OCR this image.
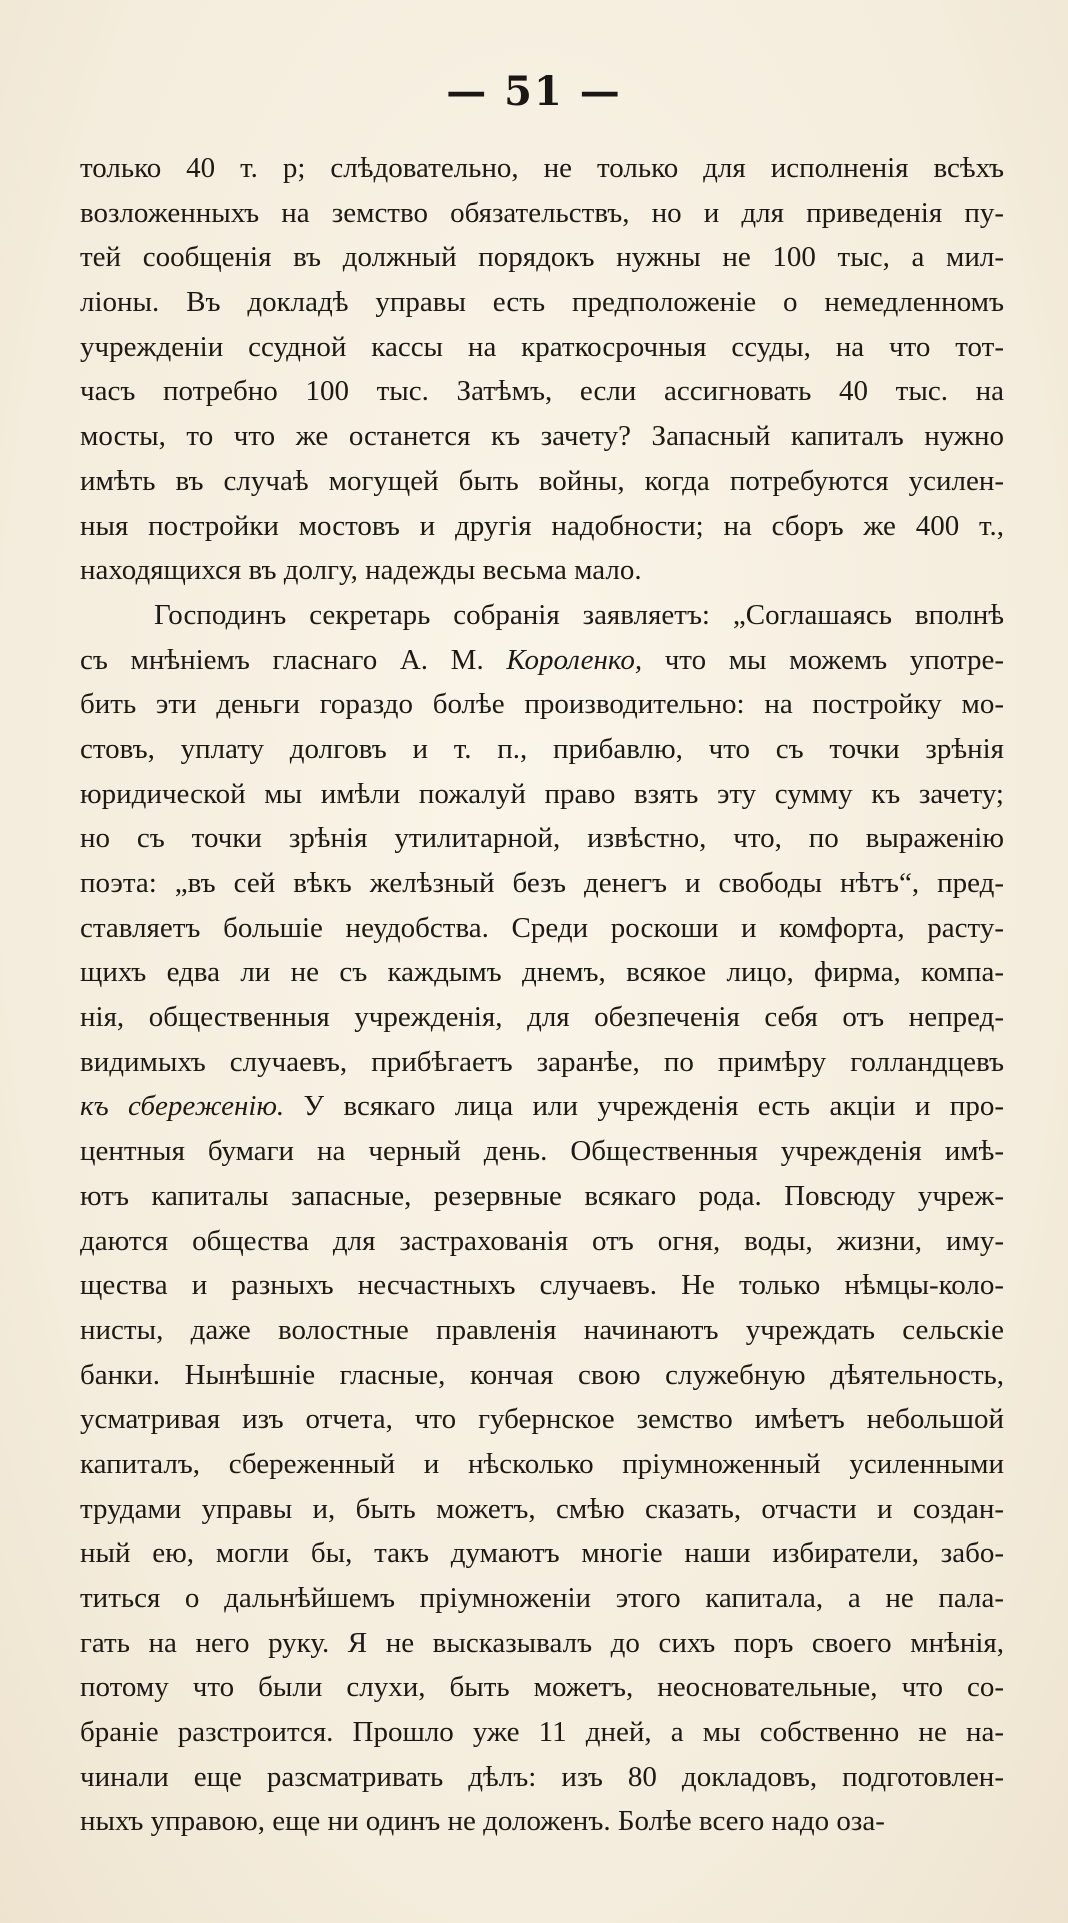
— 51 —
только 40 т. р; слѣдовательно, не только для исполненія всѣхъ
возложенныхъ на земство обязательствъ, но и для приведенія пу-
тей сообщенія въ должный порядокъ нужны не 100 тыс, а мил-
ліоны. Въ докладѣ управы есть предположеніе о немедленномъ
учрежденіи ссудной кассы на краткосрочныя ссуды, на что тот-
часъ потребно 100 тыс. Затѣмъ, если ассигновать 40 тыс. на
мосты, то что же останется къ зачету? Запасный капиталъ нужно
имѣть въ случаѣ могущей быть войны, когда потребуются усилен-
ныя постройки мостовъ и другія надобности; на сборъ же 400 т.,
находящихся въ долгу, надежды весьма мало.
Господинъ секретарь собранія заявляетъ: „Соглашаясь вполнѣ
съ мнѣніемъ гласнаго А. М. Короленко, что мы можемъ употре-
бить эти деньги гораздо болѣе производительно: на постройку мо-
стовъ, уплату долговъ и т. п., прибавлю, что съ точки зрѣнія
юридической мы имѣли пожалуй право взять эту сумму къ зачету;
но съ точки зрѣнія утилитарной, извѣстно, что, по выраженію
поэта: „въ сей вѣкъ желѣзный безъ денегъ и свободы нѣтъ“, пред-
ставляетъ большіе неудобства. Среди роскоши и комфорта, расту-
щихъ едва ли не съ каждымъ днемъ, всякое лицо, фирма, компа-
нія, общественныя учрежденія, для обезпеченія себя отъ непред-
видимыхъ случаевъ, прибѣгаетъ заранѣе, по примѣру голландцевъ
къ сбереженію. У всякаго лица или учрежденія есть акціи и про-
центныя бумаги на черный день. Общественныя учрежденія имѣ-
ютъ капиталы запасные, резервные всякаго рода. Повсюду учреж-
даются общества для застрахованія отъ огня, воды, жизни, иму-
щества и разныхъ несчастныхъ случаевъ. Не только нѣмцы-коло-
нисты, даже волостные правленія начинаютъ учреждать сельскіе
банки. Нынѣшніе гласные, кончая свою служебную дѣятельность,
усматривая изъ отчета, что губернское земство имѣетъ небольшой
капиталъ, сбереженный и нѣсколько пріумноженный усиленными
трудами управы и, быть можетъ, смѣю сказать, отчасти и создан-
ный ею, могли бы, такъ думаютъ многіе наши избиратели, забо-
титься о дальнѣйшемъ пріумноженіи этого капитала, а не пала-
гать на него руку. Я не высказывалъ до сихъ поръ своего мнѣнія,
потому что были слухи, быть можетъ, неосновательные, что со-
браніе разстроится. Прошло уже 11 дней, а мы собственно не на-
чинали еще разсматривать дѣлъ: изъ 80 докладовъ, подготовлен-
ныхъ управою, еще ни одинъ не доложенъ. Болѣе всего надо оза-
